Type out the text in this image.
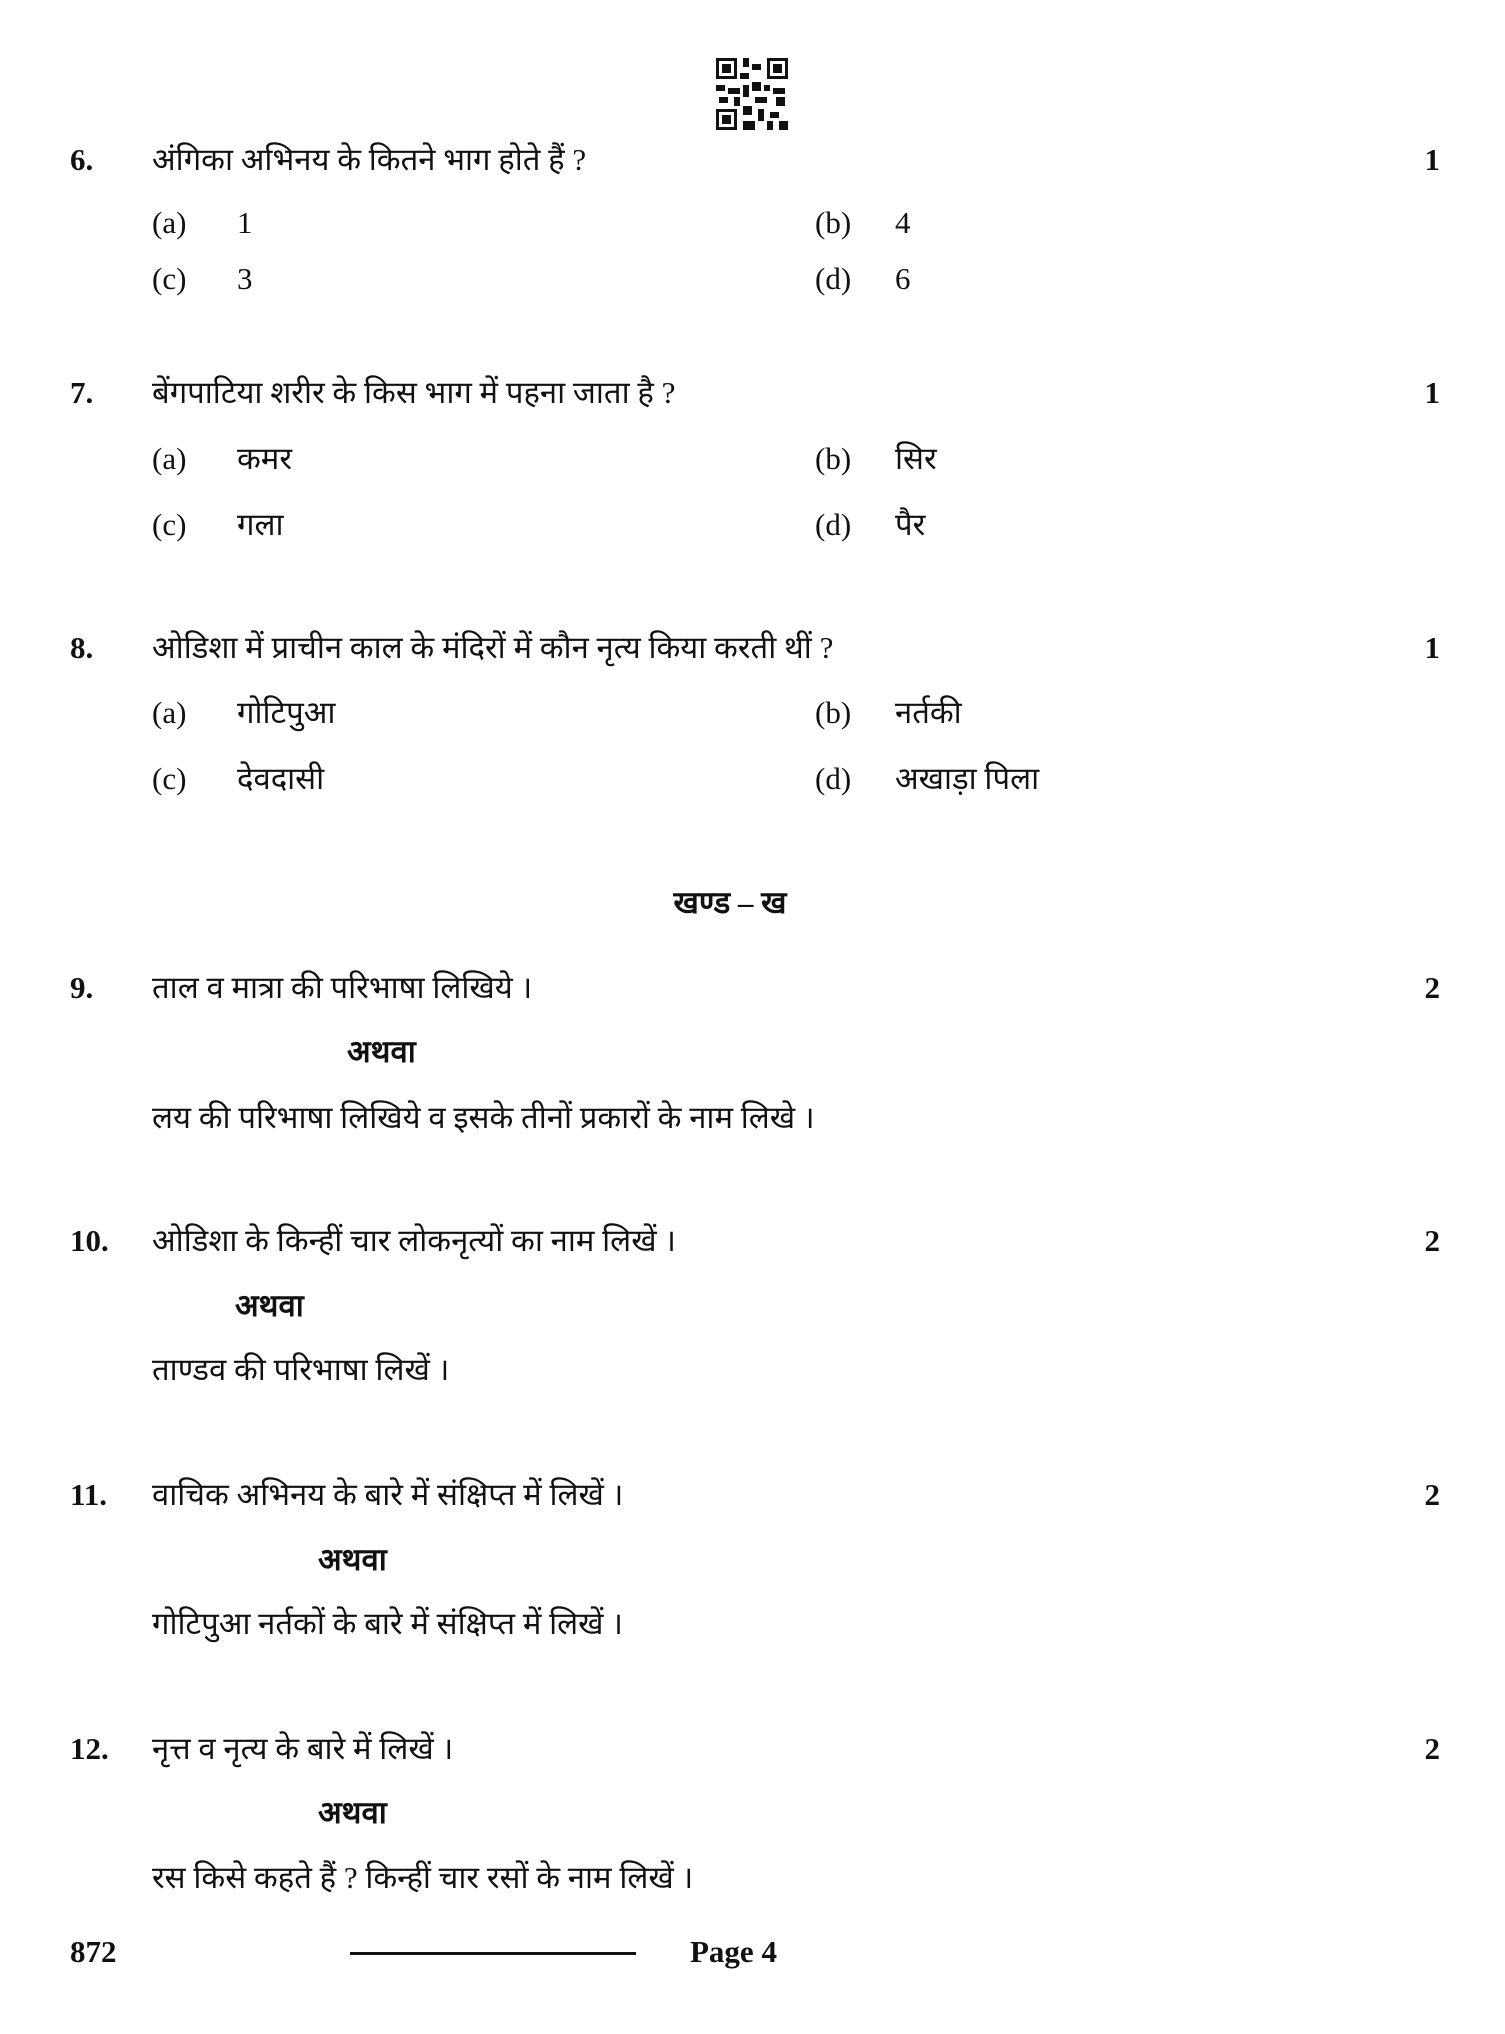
6. अंगिका अभिनय के कितने भाग होते हैं ?	1
(a) 1	(b) 4
(c) 3	(d) 6
7. बेंगपाटिया शरीर के किस भाग में पहना जाता है ?	1
(a) कमर	(b) सिर
(c) गला	(d) पैर
8. ओडिशा में प्राचीन काल के मंदिरों में कौन नृत्य किया करती थीं ?	1
(a) गोटिपुआ	(b) नर्तकी
(c) देवदासी	(d) अखाड़ा पिला
खण्ड – ख
9. ताल व मात्रा की परिभाषा लिखिये ।	2
अथवा
लय की परिभाषा लिखिये व इसके तीनों प्रकारों के नाम लिखे ।
10. ओडिशा के किन्हीं चार लोकनृत्यों का नाम लिखें ।	2
अथवा
ताण्डव की परिभाषा लिखें ।
11. वाचिक अभिनय के बारे में संक्षिप्त में लिखें ।	2
अथवा
गोटिपुआ नर्तकों के बारे में संक्षिप्त में लिखें ।
12. नृत्त व नृत्य के बारे में लिखें ।	2
अथवा
रस किसे कहते हैं ? किन्हीं चार रसों के नाम लिखें ।
872	Page 4
